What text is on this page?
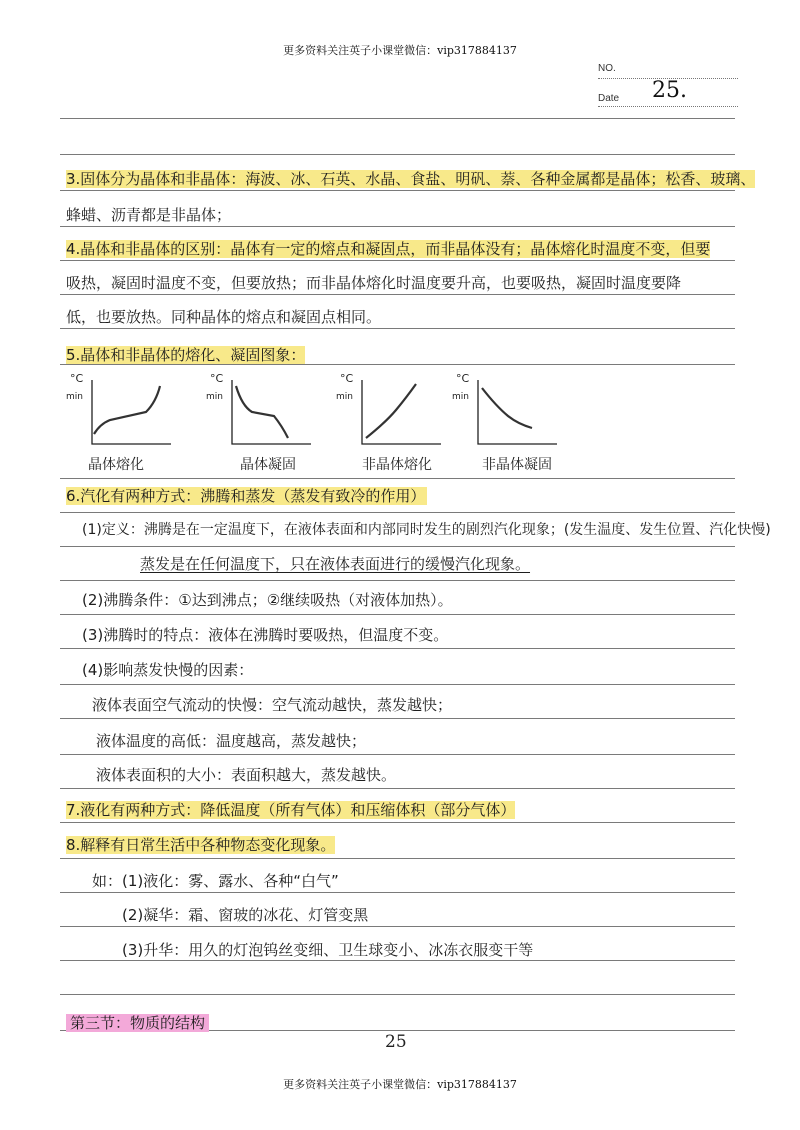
更多资料关注英子小课堂微信：vip317884137
更多资料关注英子小课堂微信：vip317884137
NO.
Date 25.
3.固体分为晶体和非晶体：海波、冰、石英、水晶、食盐、明矾、萘、各种金属都是晶体；松香、玻璃、
蜂蜡、沥青都是非晶体；
4.晶体和非晶体的区别：晶体有一定的熔点和凝固点，而非晶体没有；晶体熔化时温度不变，但要
吸热，凝固时温度不变，但要放热；而非晶体熔化时温度要升高，也要吸热，凝固时温度要降
低，也要放热。同种晶体的熔点和凝固点相同。
5.晶体和非晶体的熔化、凝固图象：
°C
min
晶体熔化
°C
min
晶体凝固
°C
min
非晶体熔化
°C
min
非晶体凝固
6.汽化有两种方式：沸腾和蒸发（蒸发有致冷的作用）
(1)定义：沸腾是在一定温度下，在液体表面和内部同时发生的剧烈汽化现象；(发生温度、发生位置、汽化快慢)
蒸发是在任何温度下，只在液体表面进行的缓慢汽化现象。
(2)沸腾条件：①达到沸点；②继续吸热（对液体加热）。
(3)沸腾时的特点：液体在沸腾时要吸热，但温度不变。
(4)影响蒸发快慢的因素：
液体表面空气流动的快慢：空气流动越快，蒸发越快；
液体温度的高低：温度越高，蒸发越快；
液体表面积的大小：表面积越大，蒸发越快。
7.液化有两种方式：降低温度（所有气体）和压缩体积（部分气体）
8.解释有日常生活中各种物态变化现象。
如：(1)液化：雾、露水、各种“白气”
(2)凝华：霜、窗玻的冰花、灯管变黑
(3)升华：用久的灯泡钨丝变细、卫生球变小、冰冻衣服变干等
第三节：物质的结构
25
